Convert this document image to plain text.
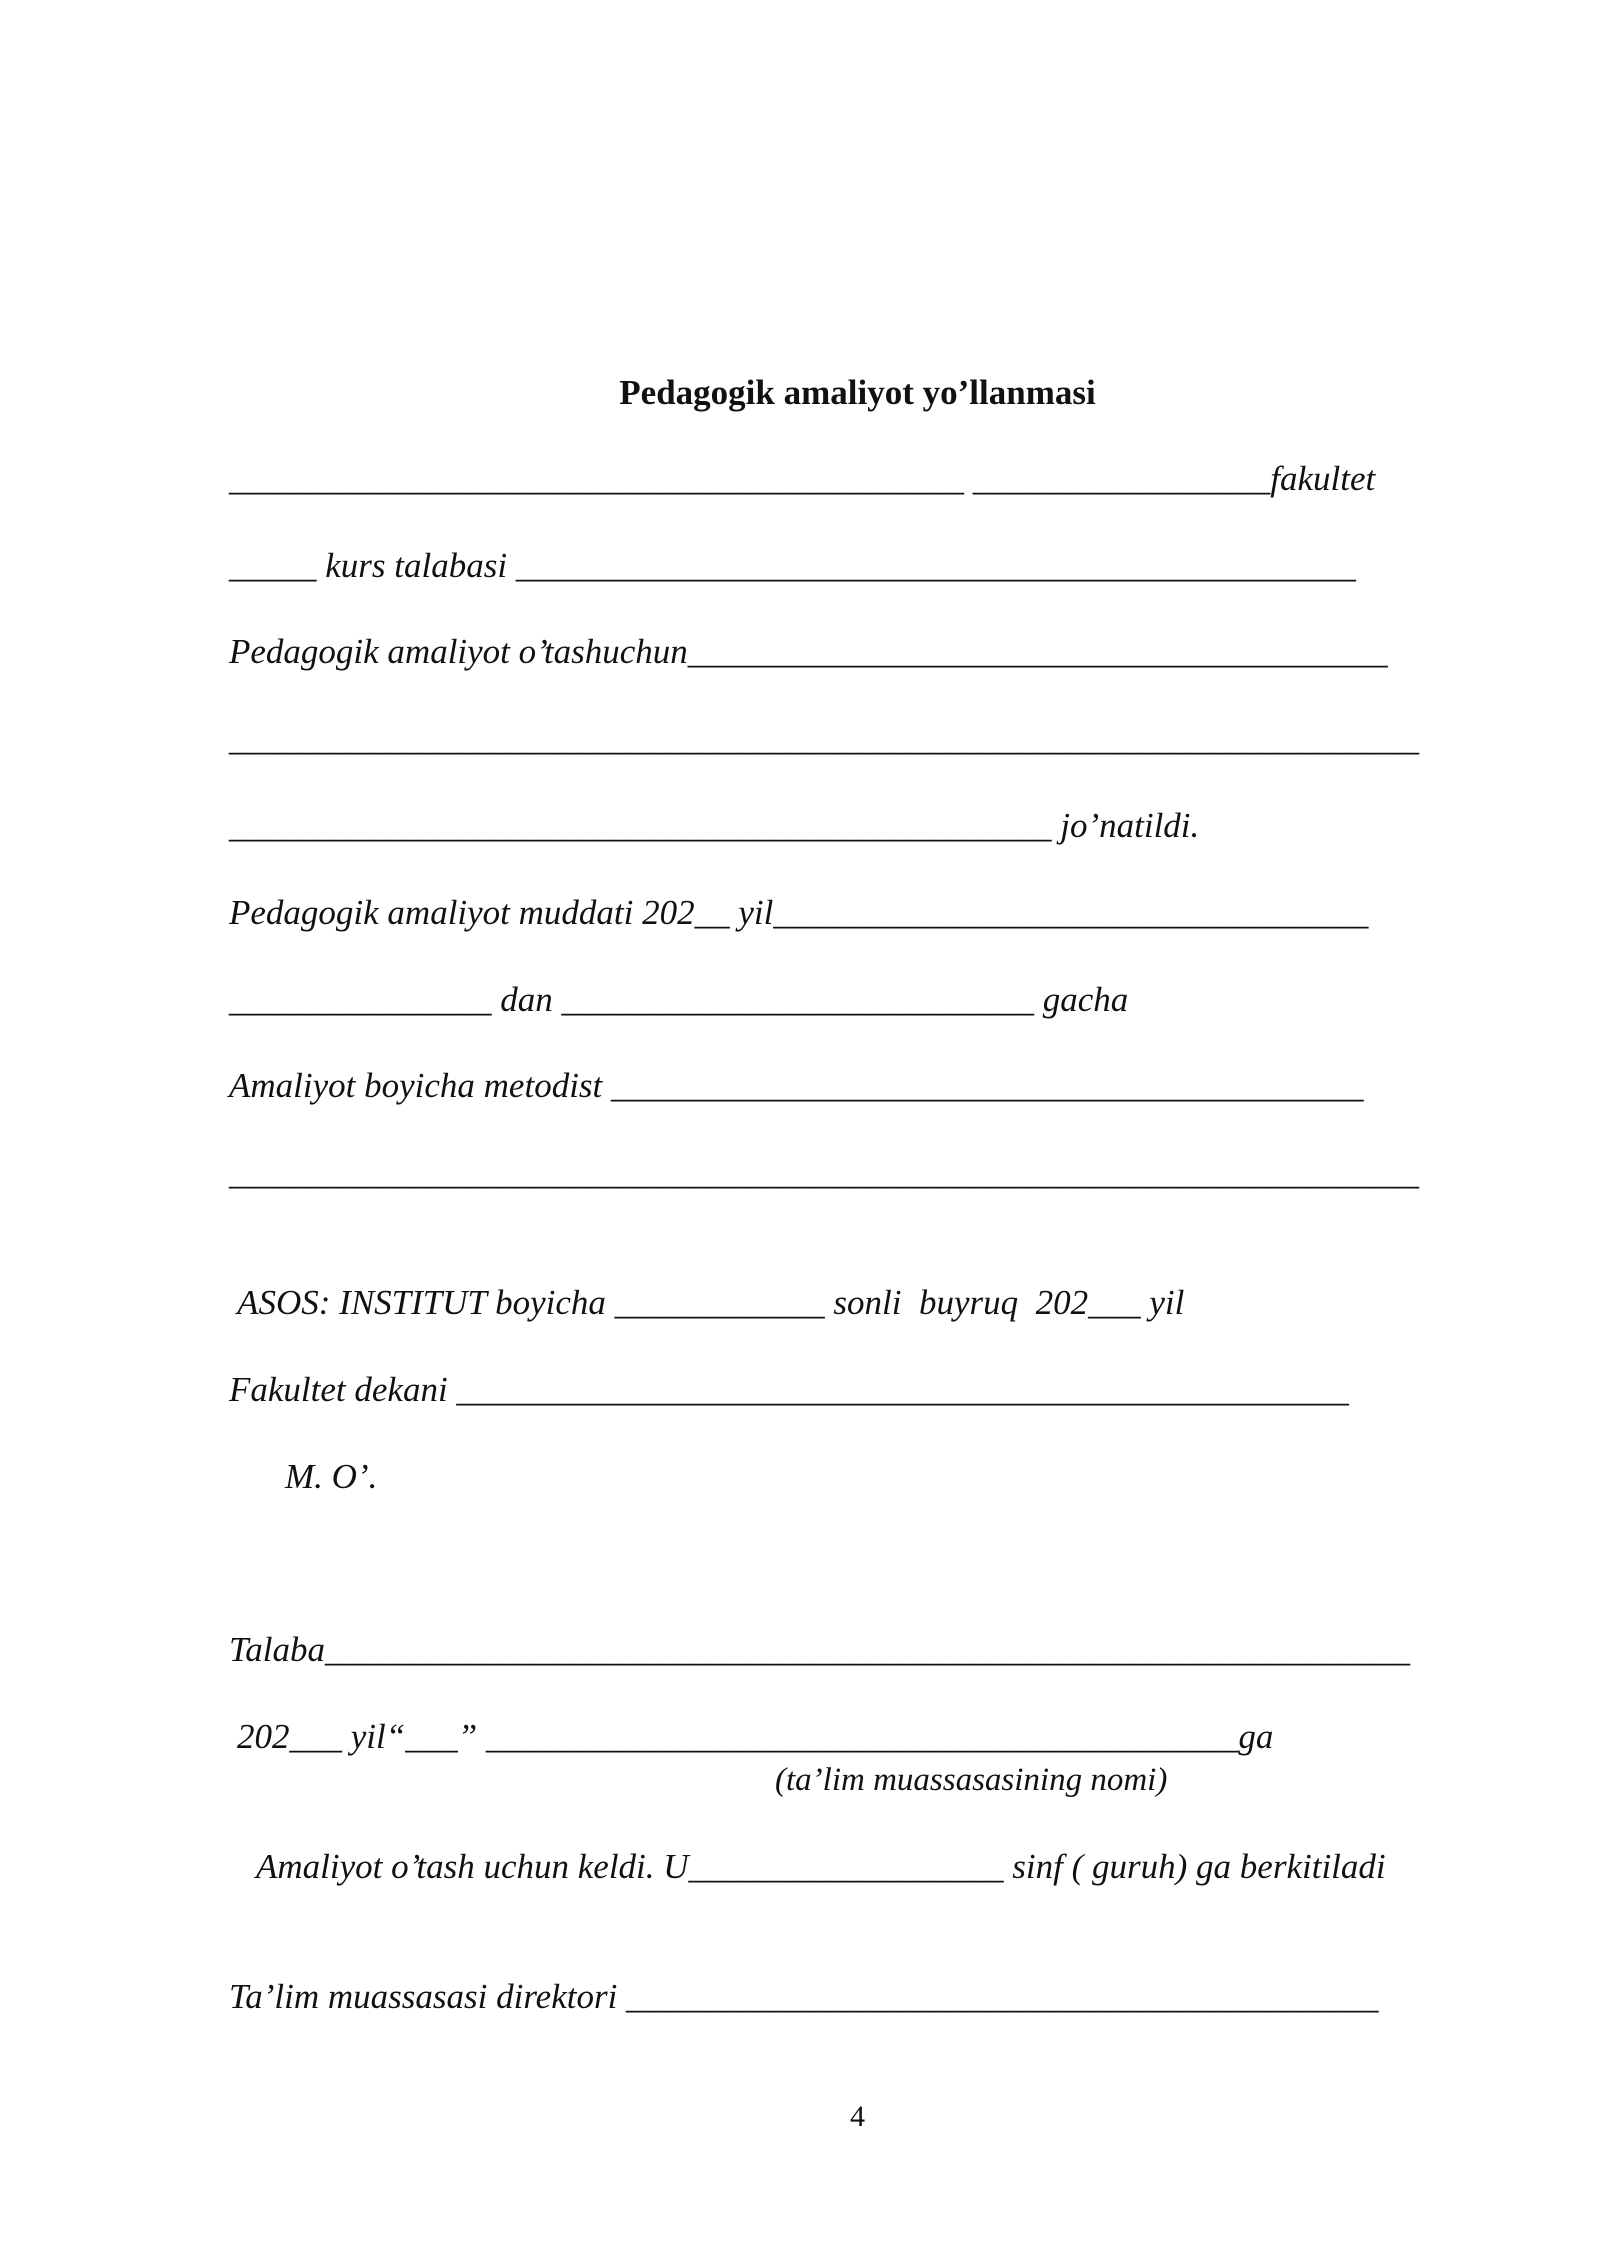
Pedagogik amaliyot yo’llanmasi
__________________________________________ _________________fakultet
_____ kurs talabasi ________________________________________________
Pedagogik amaliyot o’tashuchun________________________________________
____________________________________________________________________
_______________________________________________ jo’natildi.
Pedagogik amaliyot muddati 202__ yil__________________________________
_______________ dan ___________________________ gacha
Amaliyot boyicha metodist ___________________________________________
____________________________________________________________________
ASOS: INSTITUT boyicha ____________ sonli  buyruq  202___ yil
Fakultet dekani ___________________________________________________
M. O’.
Talaba______________________________________________________________
202___ yil“___” ___________________________________________ga
(ta’lim muassasasining nomi)
Amaliyot o’tash uchun keldi. U__________________ sinf ( guruh) ga berkitiladi
Ta’lim muassasasi direktori ___________________________________________
4
